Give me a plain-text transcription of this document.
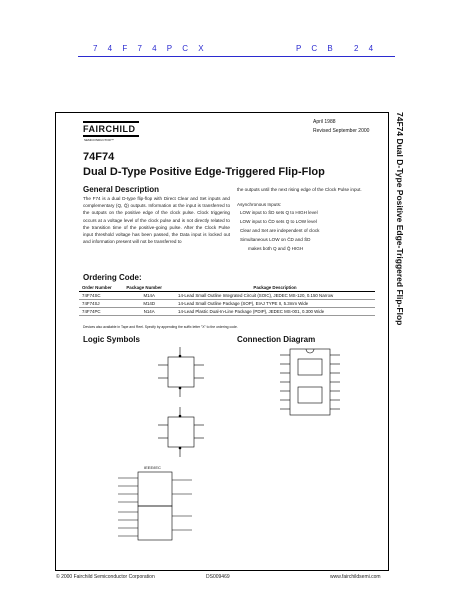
7 4 F 7 4 P C X	P C B 2 4
FAIRCHILD
SEMICONDUCTOR™
April 1988
Revised September 2000
74F74
Dual D-Type Positive Edge-Triggered Flip-Flop	74F74 Dual D-Type Positive Edge-Triggered Flip-Flop
General Description
The F74 is a dual D-type flip-flop with Direct Clear and Set inputs and complementary (Q, Q̄) outputs. Information at the input is transferred to the outputs on the positive edge of the clock pulse. Clock triggering occurs at a voltage level of the clock pulse and is not directly related to the transition time of the positive-going pulse. After the Clock Pulse input threshold voltage has been passed, the Data input is locked out and information present will not be transferred to
the outputs until the next rising edge of the Clock Pulse input.
Asynchronous Inputs:
LOW input to S̄D sets Q to HIGH level
LOW input to C̄D sets Q to LOW level
Clear and Set are independent of clock
Simultaneous LOW on C̄D and S̄D
makes both Q and Q̄ HIGH
Ordering Code:
Order Number	Package Number	Package Description
74F74SC	M14A	14-Lead Small Outline Integrated Circuit (SOIC), JEDEC MS-120, 0.150 Narrow
74F74SJ	M14D	14-Lead Small Outline Package (SOP), EIAJ TYPE II, 5.3mm Wide
74F74PC	N14A	14-Lead Plastic Dual-In-Line Package (PDIP), JEDEC MS-001, 0.300 Wide
Devices also available in Tape and Reel. Specify by appending the suffix letter "X" to the ordering code.
Logic Symbols
IEEE/IEC
Connection Diagram
© 2000 Fairchild Semiconductor Corporation	DS009469	www.fairchildsemi.com
